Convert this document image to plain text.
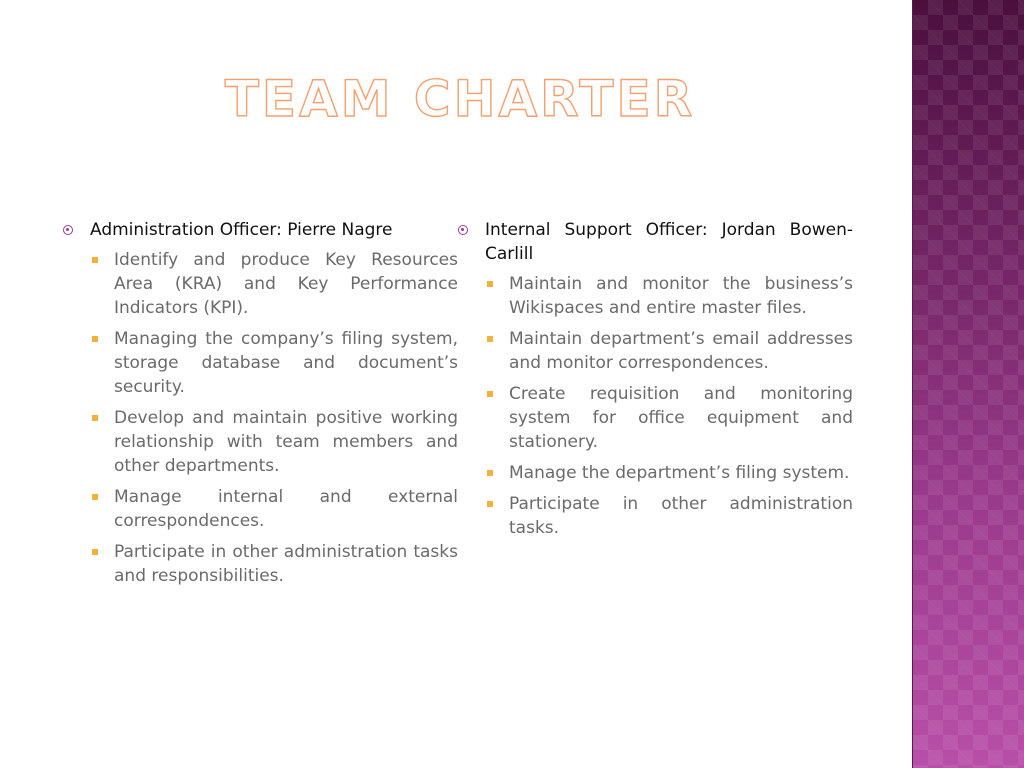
TEAM CHARTER
Administration Officer: Pierre Nagre
Identify and produce Key Resources Area (KRA) and Key Performance Indicators (KPI).
Managing the company’s filing system, storage database and document’s security.
Develop and maintain positive working relationship with team members and other departments.
Manage internal and external correspondences.
Participate in other administration tasks and responsibilities.
Internal Support Officer: Jordan Bowen-Carlill
Maintain and monitor the business’s Wikispaces and entire master files.
Maintain department’s email addresses and monitor correspondences.
Create requisition and monitoring system for office equipment and stationery.
Manage the department’s filing system.
Participate in other administration tasks.
